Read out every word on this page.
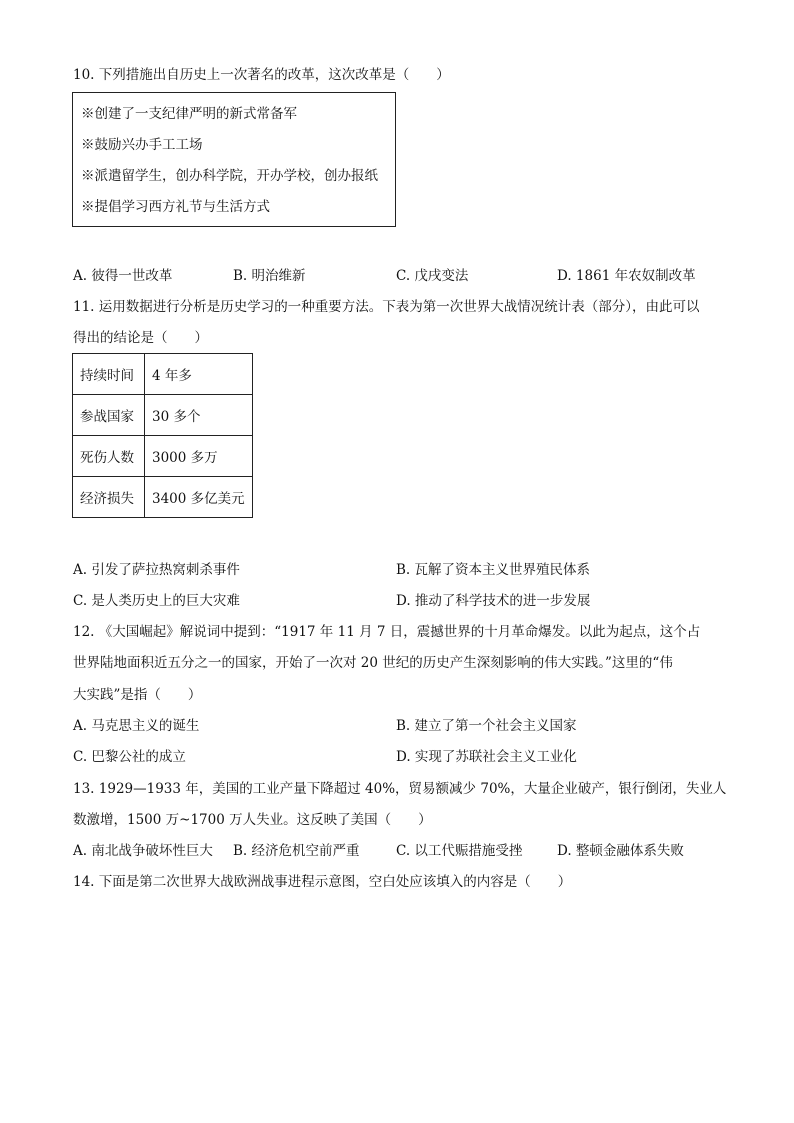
10. 下列措施出自历史上一次著名的改革，这次改革是（　　）
※创建了一支纪律严明的新式常备军
※鼓励兴办手工工场
※派遣留学生，创办科学院，开办学校，创办报纸
※提倡学习西方礼节与生活方式
A. 彼得一世改革	B. 明治维新	C. 戊戌变法	D. 1861 年农奴制改革
11. 运用数据进行分析是历史学习的一种重要方法。下表为第一次世界大战情况统计表（部分），由此可以
得出的结论是（　　）
持续时间	4 年多
参战国家	30 多个
死伤人数	3000 多万
经济损失	3400 多亿美元
A. 引发了萨拉热窝刺杀事件	B. 瓦解了资本主义世界殖民体系
C. 是人类历史上的巨大灾难	D. 推动了科学技术的进一步发展
12. 《大国崛起》解说词中提到：“1917 年 11 月 7 日，震撼世界的十月革命爆发。以此为起点，这个占
世界陆地面积近五分之一的国家，开始了一次对 20 世纪的历史产生深刻影响的伟大实践。”这里的“伟
大实践”是指（　　）
A. 马克思主义的诞生	B. 建立了第一个社会主义国家
C. 巴黎公社的成立	D. 实现了苏联社会主义工业化
13. 1929—1933 年，美国的工业产量下降超过 40%，贸易额减少 70%，大量企业破产，银行倒闭，失业人
数激增，1500 万~1700 万人失业。这反映了美国（　　）
A. 南北战争破坏性巨大 B. 经济危机空前严重	C. 以工代赈措施受挫	D. 整顿金融体系失败
14. 下面是第二次世界大战欧洲战事进程示意图，空白处应该填入的内容是（　　）
